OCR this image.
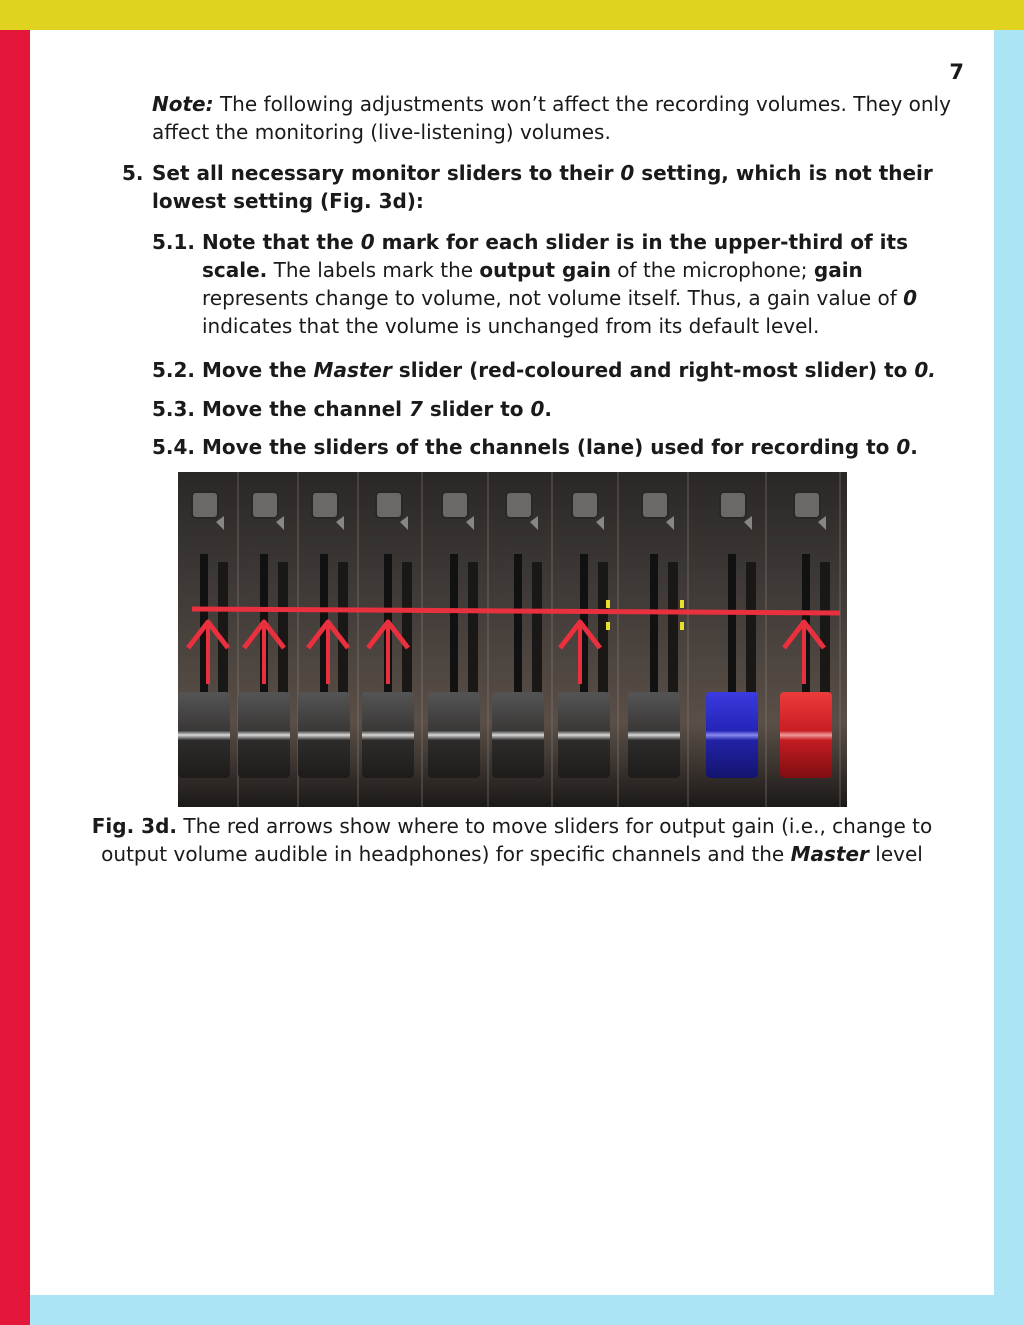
7
Note: The following adjustments won’t affect the recording volumes. They only affect the monitoring (live-listening) volumes.
5. Set all necessary monitor sliders to their 0 setting, which is not their lowest setting (Fig. 3d):
5.1. Note that the 0 mark for each slider is in the upper-third of its scale. The labels mark the output gain of the microphone; gain represents change to volume, not volume itself. Thus, a gain value of 0 indicates that the volume is unchanged from its default level.
5.2. Move the Master slider (red-coloured and right-most slider) to 0.
5.3. Move the channel 7 slider to 0.
5.4. Move the sliders of the channels (lane) used for recording to 0.
Fig. 3d. The red arrows show where to move sliders for output gain (i.e., change to output volume audible in headphones) for specific channels and the Master level
